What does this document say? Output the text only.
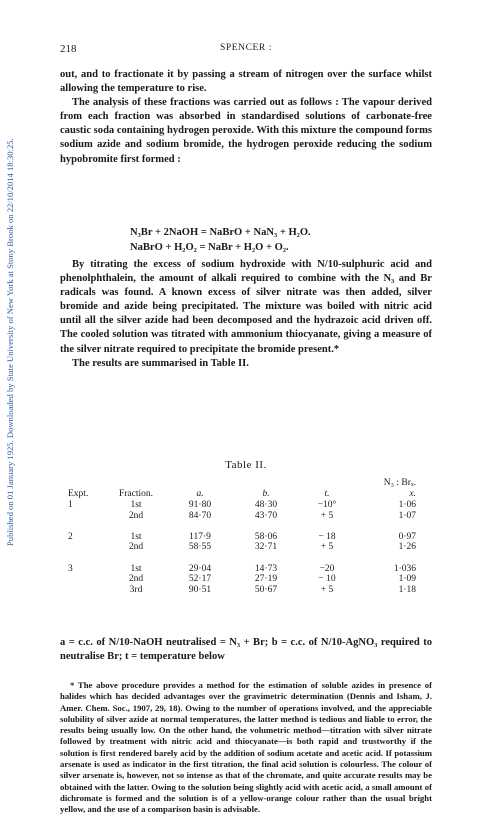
Published on 01 January 1925. Downloaded by State University of New York at Stony Brook on 22/10/2014 18:30:25.
218	SPENCER :

out, and to fractionate it by passing a stream of nitrogen over the surface whilst allowing the temperature to rise.

The analysis of these fractions was carried out as follows : The vapour derived from each fraction was absorbed in standardised solutions of carbonate-free caustic soda containing hydrogen peroxide. With this mixture the compound forms sodium azide and sodium bromide, the hydrogen peroxide reducing the sodium hypobromite first formed :

N₃Br + 2NaOH = NaBrO + NaN₃ + H₂O.
NaBrO + H₂O₂ = NaBr + H₂O + O₂.

By titrating the excess of sodium hydroxide with N/10-sulphuric acid and phenolphthalein, the amount of alkali required to combine with the N₃ and Br radicals was found. A known excess of silver nitrate was then added, silver bromide and azide being precipitated. The mixture was boiled with nitric acid until all the silver azide had been decomposed and the hydrazoic acid driven off. The cooled solution was titrated with ammonium thiocyanate, giving a measure of the silver nitrate required to precipitate the bromide present.*

The results are summarised in Table II.

Table II.
					N₃ : Brₓ.
Expt.	Fraction.	a.	b.	t.	x.
1	1st	91·80	48·30	−10°	1·06
	2nd	84·70	43·70	+ 5	1·07

2	1st	117·9	58·06	− 18	0·97
	2nd	58·55	32·71	+ 5	1·26

3	1st	29·04	14·73	−20	1·036
	2nd	52·17	27·19	− 10	1·09
	3rd	90·51	50·67	+ 5	1·18
a = c.c. of N/10-NaOH neutralised = N₃ + Br; b = c.c. of N/10-AgNO₃ required to neutralise Br; t = temperature below

* The above procedure provides a method for the estimation of soluble azides in presence of halides which has decided advantages over the gravimetric determination (Dennis and Isham, J. Amer. Chem. Soc., 1907, 29, 18). Owing to the number of operations involved, and the appreciable solubility of silver azide at normal temperatures, the latter method is tedious and liable to error, the results being usually low. On the other hand, the volumetric method—titration with silver nitrate followed by treatment with nitric acid and thiocyanate—is both rapid and trustworthy if the solution is first rendered barely acid by the addition of sodium acetate and acetic acid. If potassium arsenate is used as indicator in the first titration, the final acid solution is colourless. The colour of silver arsenate is, however, not so intense as that of the chromate, and quite accurate results may be obtained with the latter. Owing to the solution being slightly acid with acetic acid, a small amount of dichromate is formed and the solution is of a yellow-orange colour rather than the usual bright yellow, and the use of a comparison basin is advisable.
